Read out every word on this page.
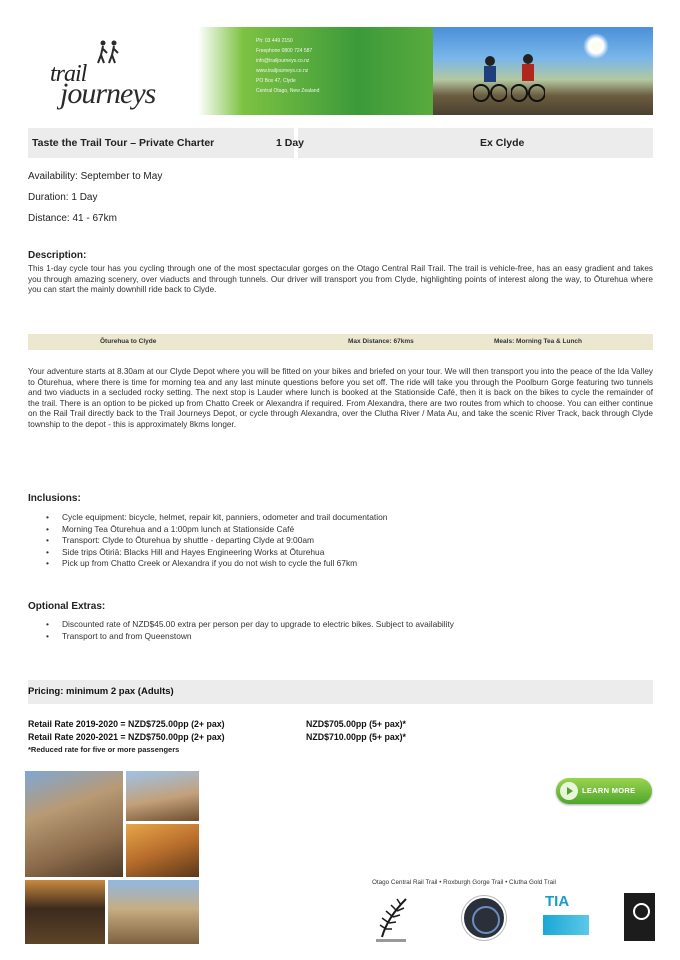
trail
journeys
Ph: 03 449 2150
Freephone 0800 724 587
info@trailjourneys.co.nz
www.trailjourneys.co.nz
PO Box 47, Clyde
Central Otago, New Zealand
Taste the Trail Tour – Private Charter	1 Day	Ex Clyde
Availability: September to May
Duration: 1 Day
Distance: 41 - 67km
Description:
This 1-day cycle tour has you cycling through one of the most spectacular gorges on the Otago Central Rail Trail. The trail is vehicle-free, has an easy gradient and takes you through amazing scenery, over viaducts and through tunnels. Our driver will transport you from Clyde, highlighting points of interest along the way, to Ōturehua where you can start the mainly downhill ride back to Clyde.
Ōturehua to Clyde	Max Distance: 67kms	Meals: Morning Tea & Lunch
Your adventure starts at 8.30am at our Clyde Depot where you will be fitted on your bikes and briefed on your tour. We will then transport you into the peace of the Ida Valley to Ōturehua, where there is time for morning tea and any last minute questions before you set off. The ride will take you through the Poolburn Gorge featuring two tunnels and two viaducts in a secluded rocky setting. The next stop is Lauder where lunch is booked at the Stationside Café, then it is back on the bikes to cycle the remainder of the trail. There is an option to be picked up from Chatto Creek or Alexandra if required. From Alexandra, there are two routes from which to choose. You can either continue on the Rail Trail directly back to the Trail Journeys Depot, or cycle through Alexandra, over the Clutha River / Mata Au, and take the scenic River Track, back through Clyde township to the depot - this is approximately 8kms longer.
Inclusions:
• Cycle equipment: bicycle, helmet, repair kit, panniers, odometer and trail documentation
• Morning Tea Ōturehua and a 1:00pm lunch at Stationside Café
• Transport: Clyde to Ōturehua by shuttle - departing Clyde at 9:00am
• Side trips Ōtiriā: Blacks Hill and Hayes Engineering Works at Ōturehua
• Pick up from Chatto Creek or Alexandra if you do not wish to cycle the full 67km
Optional Extras:
• Discounted rate of NZD$45.00 extra per person per day to upgrade to electric bikes. Subject to availability
• Transport to and from Queenstown
Pricing: minimum 2 pax (Adults)
Retail Rate 2019-2020 = NZD$725.00pp (2+ pax)	NZD$705.00pp (5+ pax)*
Retail Rate 2020-2021 = NZD$750.00pp (2+ pax)	NZD$710.00pp (5+ pax)*
*Reduced rate for five or more passengers
LEARN MORE
Otago Central Rail Trail • Roxburgh Gorge Trail • Clutha Gold Trail
TIA
